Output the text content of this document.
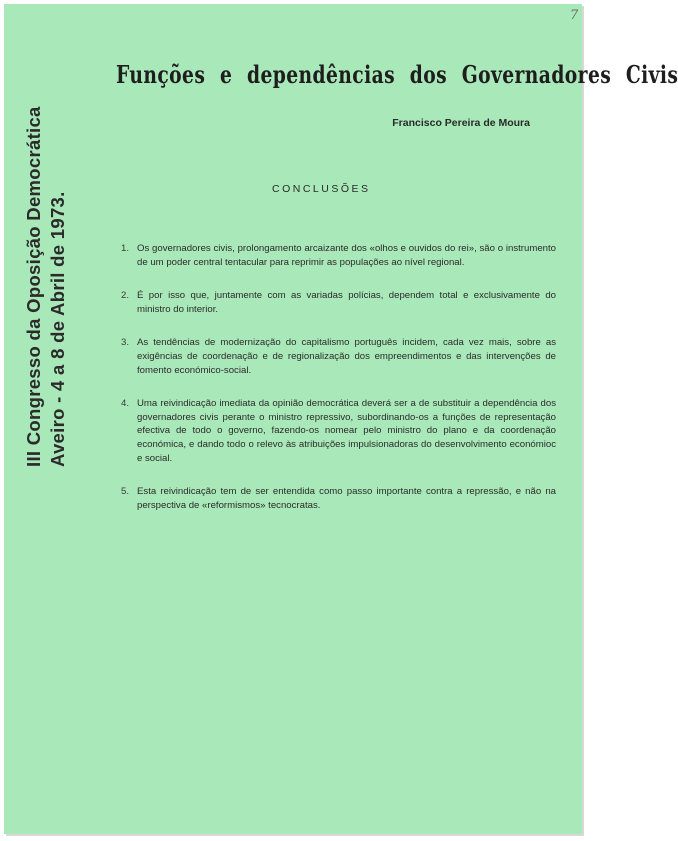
7
Funções e dependências dos Governadores Civis
Francisco Pereira de Moura
CONCLUSÕES
III Congresso da Oposição Democrática Aveiro - 4 a 8 de Abril de 1973.	1. Os governadores civis, prolongamento arcaizante dos «olhos e ouvidos do rei», são o instrumento de um poder central tentacular para reprimir as populações ao nível regional.
2. É por isso que, juntamente com as variadas polícias, dependem total e exclusivamente do ministro do interior.
3. As tendências de modernização do capitalismo português incidem, cada vez mais, sobre as exigências de coordenação e de regionalização dos empreendimentos e das intervenções de fomento económico-social.
4. Uma reivindicação imediata da opinião democrática deverá ser a de substituir a dependência dos governadores civis perante o ministro repressivo, subordinando-os a funções de representação efectiva de todo o governo, fazendo-os nomear pelo ministro do plano e da coordenação económica, e dando todo o relevo às atribuições impulsionadoras do desenvolvimento económioc e social.
5. Esta reivindicação tem de ser entendida como passo importante contra a repressão, e não na perspectiva de «reformismos» tecnocratas.
